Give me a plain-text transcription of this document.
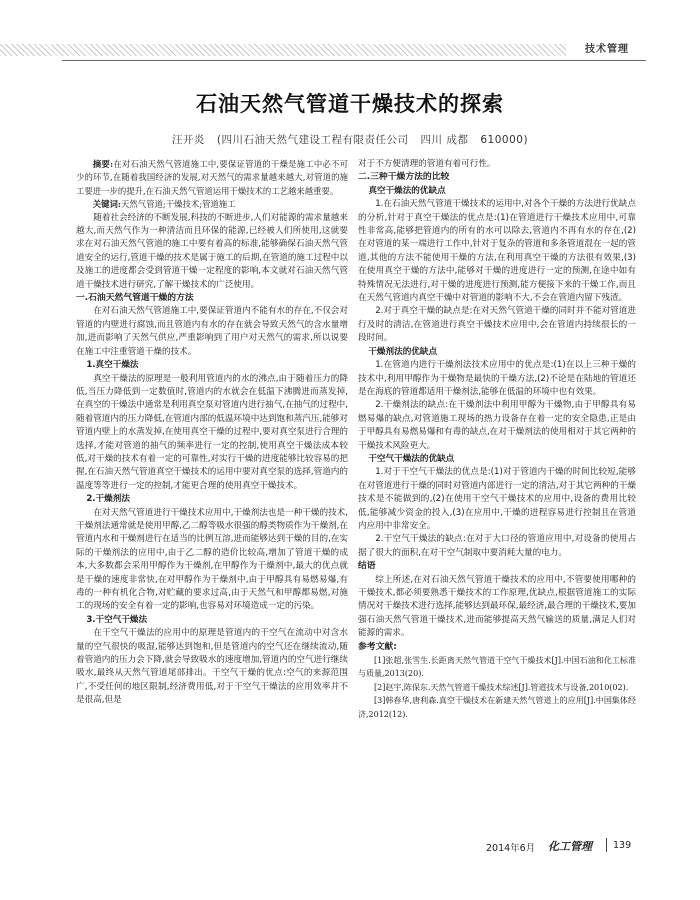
技术管理
石油天然气管道干燥技术的探索
汪开炎 (四川石油天然气建设工程有限责任公司 四川 成都 610000)

摘要:在对石油天然气管道施工中,要保证管道的干燥是施工中必不可少的环节,在随着我国经济的发展,对天然气的需求量越来越大,对管道的施工要进一步的提升,在石油天然气管道运用干燥技术的工艺越来越重要。

关键词:天然气管道;干燥技术;管道施工

随着社会经济的不断发展,科技的不断进步,人们对能源的需求量越来越大,而天然气作为一种清洁而且环保的能源,已经被人们所使用,这就要求在对石油天然气管道的施工中要有着高的标准,能够确保石油天然气管道安全的运行,管道干燥的技术是属于施工的后期,在管道的施工过程中以及施工的进度都会受到管道干燥一定程度的影响,本文就对石油天然气管道干燥技术进行研究,了解干燥技术的广泛使用。

一.石油天然气管道干燥的方法

在对石油天然气管道施工中,要保证管道内不能有水的存在,不仅会对管道的内壁进行腐蚀,而且管道内有水的存在就会导致天然气的含水量增加,进而影响了天然气供应,严重影响到了用户对天然气的需求,所以说要在施工中注重管道干燥的技术。

1.真空干燥法

真空干燥法的原理是一般利用管道内的水的沸点,由于随着压力的降低,当压力降低到一定数值时,管道内的水就会在低温下沸腾进而蒸发掉,在真空的干燥法中通常是利用真空泵对管道内进行抽气,在抽气的过程中,随着管道内的压力降低,在管道内部的低温环境中达到饱和蒸汽压,能够对管道内壁上的水蒸发掉,在使用真空干燥的过程中,要对真空泵进行合理的选择,才能对管道的抽气的频率进行一定的控制,使用真空干燥法成本较低,对干燥的技术有着一定的可靠性,对实行干燥的进度能够比较容易的把握,在石油天然气管道真空干燥技术的运用中要对真空泵的选择,管道内的温度等等进行一定的控制,才能更合理的使用真空干燥技术。

2.干燥剂法

在对天然气管道进行干燥技术应用中,干燥剂法也是一种干燥的技术,干燥剂法通常就是使用甲醇,乙二醇等吸水很强的醇类物质作为干燥剂,在管道内水和干燥剂进行在适当的比例互溶,进而能够达到干燥的目的,在实际的干燥剂法的应用中,由于乙二醇的造价比较高,增加了管道干燥的成本,大多数都会采用甲醇作为干燥剂,在甲醇作为干燥剂中,最大的优点就是干燥的速度非常快,在对甲醇作为干燥剂中,由于甲醇具有易燃易爆,有毒的一种有机化合物,对贮藏的要求过高,由于天然气和甲醇都易燃,对施工的现场的安全有着一定的影响,也容易对环境造成一定的污染。

3.干空气干燥法

在干空气干燥法的应用中的原理是管道内的干空气在流动中对含水量的空气很快的吸湿,能够达到饱和,但是管道内的空气还在继续流动,随着管道内的压力会下降,就会导致吸水的速度增加,管道内的空气进行继续吸水,最终从天然气管道尾部排出。干空气干燥的优点:空气的来源范围广,不受任何的地区限制,经济费用低,对于干空气干燥法的应用效率并不是很高,但是

对于不方便清理的管道有着可行性。

二.三种干燥方法的比较
真空干燥法的优缺点

1.在石油天然气管道干燥技术的运用中,对各个干燥的方法进行优缺点的分析,针对于真空干燥法的优点是:(1)在管道进行干燥技术应用中,可靠性非常高,能够把管道内的所有的水可以除去,管道内不再有水的存在,(2)在对管道的某一端进行工作中,针对于复杂的管道和多条管道混在一起的管道,其他的方法不能使用干燥的方法,在利用真空干燥的方法很有效果,(3)在使用真空干燥的方法中,能够对干燥的进度进行一定的预测,在途中如有特殊情况无法进行,对干燥的进度进行预测,能方便接下来的干燥工作,而且在天然气管道内真空干燥中对管道的影响不大,不会在管道内留下残渣。

2.对于真空干燥的缺点是:在对天然气管道干燥的同时并不能对管道进行及时的清洁,在管道进行真空干燥技术应用中,会在管道内持续很长的一段时间。

干燥剂法的优缺点

1.在管道内进行干燥剂法技术应用中的优点是:(1)在以上三种干燥的技术中,利用甲醇作为干燥物是最快的干燥方法,(2)不论是在陆地的管道还是在海底的管道都适用干燥剂法,能够在低温的环境中也有效果。

2.干燥剂法的缺点:在干燥剂法中利用甲醇为干燥物,由于甲醇具有易燃易爆的缺点,对管道施工现场的热力设备存在着一定的安全隐患,正是由于甲醇具有易燃易爆和有毒的缺点,在对干燥剂法的使用相对于其它两种的干燥技术风险更大。

干空气干燥法的优缺点

1.对于干空气干燥法的优点是:(1)对于管道内干燥的时间比较短,能够在对管道进行干燥的同时对管道内部进行一定的清洁,对于其它两种的干燥技术是不能做到的,(2)在使用干空气干燥技术的应用中,设备的费用比较低,能够减少资金的投入,(3)在应用中,干燥的进程容易进行控制且在管道内应用中非常安全。

2.干空气干燥法的缺点:在对于大口径的管道应用中,对设备的使用占据了很大的面积,在对干空气制取中要消耗大量的电力。

结语

综上所述,在对石油天然气管道干燥技术的应用中,不管要使用哪种的干燥技术,都必须要熟悉干燥技术的工作原理,优缺点,根据管道施工的实际情况对干燥技术进行选择,能够达到最环保,最经济,最合理的干燥技术,要加强石油天然气管道干燥技术,进而能够提高天然气输送的质量,满足人们对能源的需求。

参考文献:

[1]张超,张雪生.长距离天然气管道干空气干燥技术[J].中国石油和化工标准与质量,2013(20).

[2]赵宇,陈保东.天然气管道干燥技术综述[J].管道技术与设备,2010(02).

[3]韩春华,唐利森.真空干燥技术在新建天然气管道上的应用[J].中国集体经济,2012(12).

2014年6月 化工管理 139
